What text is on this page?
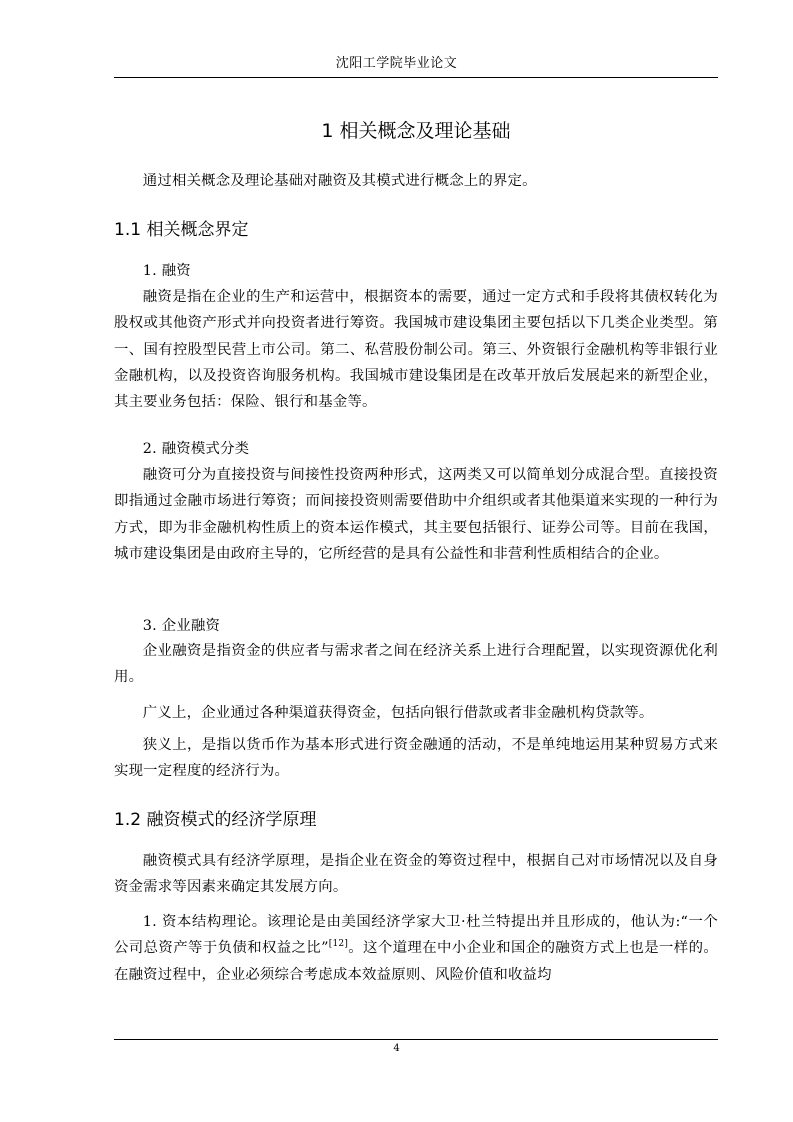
沈阳工学院毕业论文
1 相关概念及理论基础

通过相关概念及理论基础对融资及其模式进行概念上的界定。

1.1 相关概念界定

1. 融资

融资是指在企业的生产和运营中，根据资本的需要，通过一定方式和手段将其债权转化为股权或其他资产形式并向投资者进行筹资。我国城市建设集团主要包括以下几类企业类型。第一、国有控股型民营上市公司。第二、私营股份制公司。第三、外资银行金融机构等非银行业金融机构，以及投资咨询服务机构。我国城市建设集团是在改革开放后发展起来的新型企业，其主要业务包括：保险、银行和基金等。

2. 融资模式分类

融资可分为直接投资与间接性投资两种形式，这两类又可以简单划分成混合型。直接投资即指通过金融市场进行筹资；而间接投资则需要借助中介组织或者其他渠道来实现的一种行为方式，即为非金融机构性质上的资本运作模式，其主要包括银行、证券公司等。目前在我国，城市建设集团是由政府主导的，它所经营的是具有公益性和非营利性质相结合的企业。

3. 企业融资

企业融资是指资金的供应者与需求者之间在经济关系上进行合理配置，以实现资源优化利用。

广义上，企业通过各种渠道获得资金，包括向银行借款或者非金融机构贷款等。

狭义上，是指以货币作为基本形式进行资金融通的活动，不是单纯地运用某种贸易方式来实现一定程度的经济行为。

1.2 融资模式的经济学原理

融资模式具有经济学原理，是指企业在资金的筹资过程中，根据自己对市场情况以及自身资金需求等因素来确定其发展方向。

1. 资本结构理论。该理论是由美国经济学家大卫·杜兰特提出并且形成的，他认为:“一个公司总资产等于负债和权益之比”[12]。这个道理在中小企业和国企的融资方式上也是一样的。在融资过程中，企业必须综合考虑成本效益原则、风险价值和收益均

4
